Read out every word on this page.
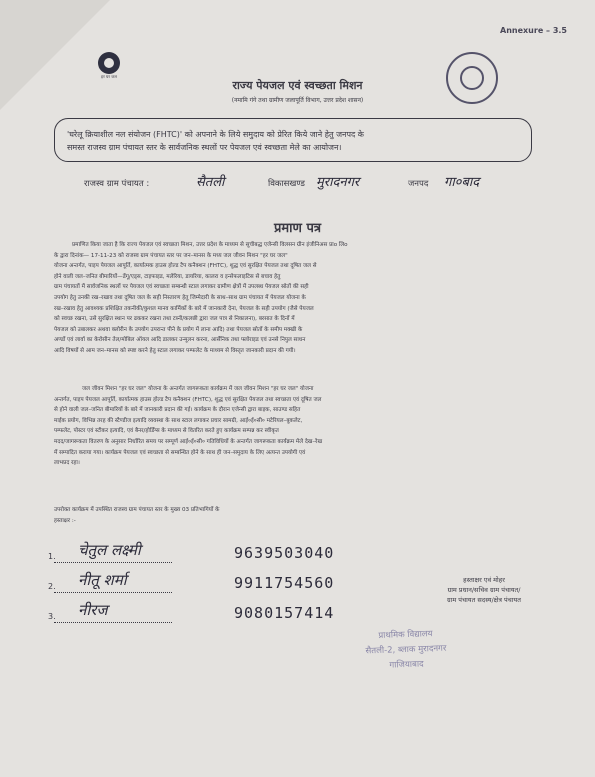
Annexure – 3.5
हर घर जल
राज्य पेयजल एवं स्वच्छता मिशन
(नमामि गंगे तथा ग्रामीण जलापूर्ति विभाग, उत्तर प्रदेश शासन)
'घरेलू क्रियाशील नल संयोजन (FHTC)' को अपनाने के लिये समुदाय को प्रेरित किये जाने हेतु जनपद के
समस्त राजस्व ग्राम पंचायत स्तर के सार्वजनिक स्थलों पर पेयजल एवं स्वच्छता मेले का आयोजन।
राजस्व ग्राम पंचायत :	सैतली	विकासखण्ड मुराद‌नगर	जनपद गा०बाद
प्रमाण पत्र
प्रमाणित किया जाता है कि राज्य पेयजल एवं स्वच्छता मिशन, उत्तर प्रदेश के माध्यम से सूचीबद्ध एजेन्सी विलसन ग्रीन इंजीनिअस प्राo लिo
के द्वारा दिनांक— 17-11-23 को राजस्व ग्राम पंचायत स्तर पर जन–मानस के मध्य जल जीवन मिशन "हर घर जल"
योजना अन्तर्गत, पाइप पेयजल आपूर्ति, कार्यात्मक हाउस होल्ड टैप कनैक्शन (FHTC), शुद्ध एवं सुरक्षित पेयजल तथा दूषित जल से
होने वाली जल–जनित बीमारियों—डेंगू/एड्स, टाइफाइड, मलेरिया, डायरिया, कालरा व इन्सेफलाइटिस से बचाव हेतु
ग्राम पंचायतों में सार्वजनिक स्थलों पर पेयजल एवं स्वच्छता सम्बन्धी स्टाल लगाकर ग्रामीण क्षेत्रों में उपलब्ध पेयजल स्रोतों की सही
उपयोग हेतु उनकी रख–रखाव तथा दूषित जल के सही निस्तारण हेतु जिम्मेदारी के साथ–साथ ग्राम पंचायत में पेयजल योजना के
रख–रखाव हेतु आवश्यक प्रशिक्षित तकनीकी/कुशल मानव कार्मिकों के बारे में जानकारी देना, पेयजल के सही उपयोग (जैसे पेयजल
को स्वच्छ रखना, उसे सुरक्षित स्थान पर ढककर रखना तथा टब्नी/कलछी द्वारा जल पात्र से निकालना), बरसात के दिनों में
पेयजल को उबालकर अथवा क्लोरीन के उपयोग उपरान्त पीने के प्रयोग में लाना आदि) तथा पेयजल स्रोतों के समीप मक्खी के
अण्डों एवं लार्वा का केरोसीन तेल/मोबिल ऑयल आदि डालकर उन्मूलन करना, आर्सेनिक तथा फ्लोराइड एवं उनसे निपुल साधन
आदि विषयों से आम जन–मानस को स्पष्ट करने हेतु स्टाल लगाकर पम्फलेट के माध्यम से विस्तृत जानकारी प्रदान की गयी।
जल जीवन मिशन "हर घर जल" योजना के अन्तर्गत जागरूकता कार्यक्रम में जल जीवन मिशन "हर घर जल" योजना
अन्तर्गत, पाइप पेयजल आपूर्ति, कार्यात्मक हाउस होल्ड टैप कनैक्शन (FHTC), शुद्ध एवं सुरक्षित पेयजल तथा स्वच्छता एवं दूषित जल
से होने वाली जल–जनित बीमारियों के बारे में जानकारी प्रदान की गई। कार्यक्रम के दौरान एजेन्सी द्वारा बाइक, साउण्ड सहित
माईक प्रयोग, विभिन्न तरह की स्टैण्डीज इत्यादि व्यवस्था के साथ स्टाल लगाकर प्रचार सामग्री, आई०ई०सी० मटेरियल–बुकलेट,
पम्फलेट, पोस्टर एवं स्टीकर इत्यादि, एवं बैनर/होर्डिंग्स के माध्यम से वितरित करते हुए कार्यक्रम सम्पन्न कर स्वीकृत
मदद/जागरूकता वितरण के अनुसार निर्धारित समय पर सम्पूर्ण आई०ई०सी० गतिविधियों के अन्तर्गत जागरूकता कार्यक्रम मेले देख–रेख
में सम्पादित कराया गया। कार्यक्रम पेयजल एवं स्वच्छता से सम्बन्धित होने के साथ ही जन–समुदाय के लिए अत्यन्त उपयोगी एवं
लाभप्रद रहा।
उपरोक्त कार्यक्रम में उपस्थित राजस्व ग्राम पंचायत स्तर के मुख्य 03 प्रतिभागियों के
हस्ताक्षर :-
1. चेतुल लक्ष्मी	9639503040
2. नीतू शर्मा	9911754560
3. नीरज	9080157414
हस्ताक्षर एवं मोहर
ग्राम प्रधान/सचिव ग्राम पंचायत/
ग्राम पंचायत सदस्य/क्षेत्र पंचायत
प्राथमिक विद्यालय
सैतली-2, ब्लाक मुरादनगर
गाजियाबाद
